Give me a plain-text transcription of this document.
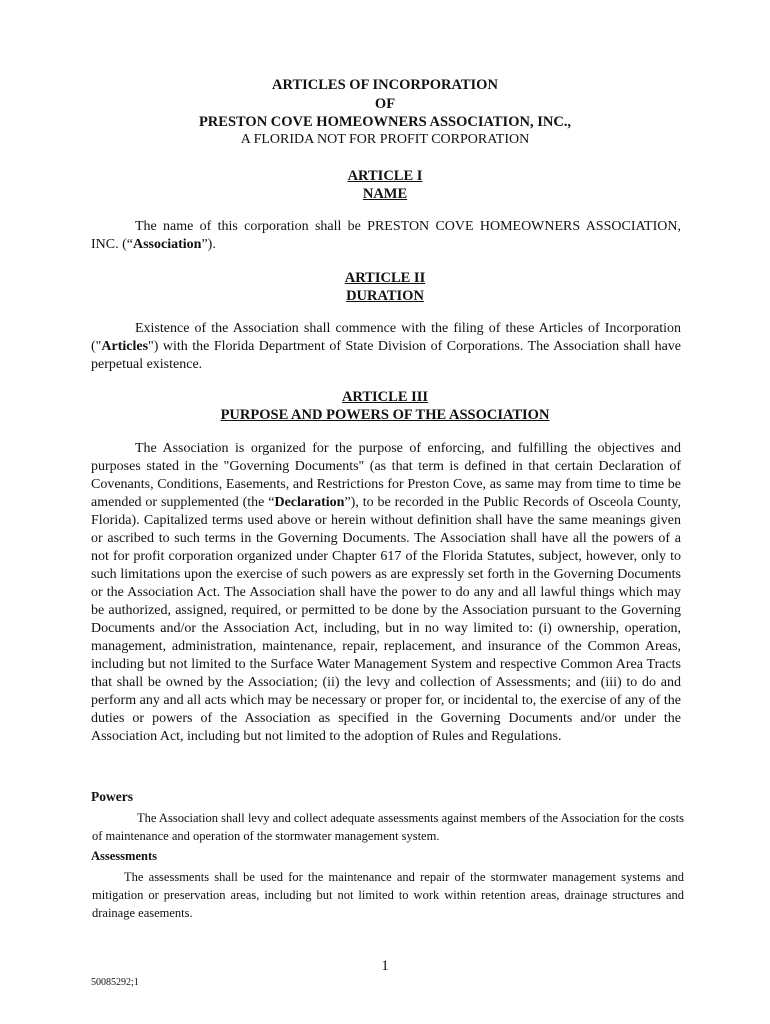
ARTICLES OF INCORPORATION
OF
PRESTON COVE HOMEOWNERS ASSOCIATION, INC.,
A FLORIDA NOT FOR PROFIT CORPORATION
ARTICLE I
NAME
The name of this corporation shall be PRESTON COVE HOMEOWNERS ASSOCIATION, INC. (“Association”).
ARTICLE II
DURATION
Existence of the Association shall commence with the filing of these Articles of Incorporation ("Articles") with the Florida Department of State Division of Corporations. The Association shall have perpetual existence.
ARTICLE III
PURPOSE AND POWERS OF THE ASSOCIATION
The Association is organized for the purpose of enforcing, and fulfilling the objectives and purposes stated in the "Governing Documents" (as that term is defined in that certain Declaration of Covenants, Conditions, Easements, and Restrictions for Preston Cove, as same may from time to time be amended or supplemented (the “Declaration”), to be recorded in the Public Records of Osceola County, Florida). Capitalized terms used above or herein without definition shall have the same meanings given or ascribed to such terms in the Governing Documents. The Association shall have all the powers of a not for profit corporation organized under Chapter 617 of the Florida Statutes, subject, however, only to such limitations upon the exercise of such powers as are expressly set forth in the Governing Documents or the Association Act. The Association shall have the power to do any and all lawful things which may be authorized, assigned, required, or permitted to be done by the Association pursuant to the Governing Documents and/or the Association Act, including, but in no way limited to: (i) ownership, operation, management, administration, maintenance, repair, replacement, and insurance of the Common Areas, including but not limited to the Surface Water Management System and respective Common Area Tracts that shall be owned by the Association; (ii) the levy and collection of Assessments; and (iii) to do and perform any and all acts which may be necessary or proper for, or incidental to, the exercise of any of the duties or powers of the Association as specified in the Governing Documents and/or under the Association Act, including but not limited to the adoption of Rules and Regulations.
Powers
The Association shall levy and collect adequate assessments against members of the Association for the costs of maintenance and operation of the stormwater management system.
Assessments
The assessments shall be used for the maintenance and repair of the stormwater management systems and mitigation or preservation areas, including but not limited to work within retention areas, drainage structures and drainage easements.
1
50085292;1
